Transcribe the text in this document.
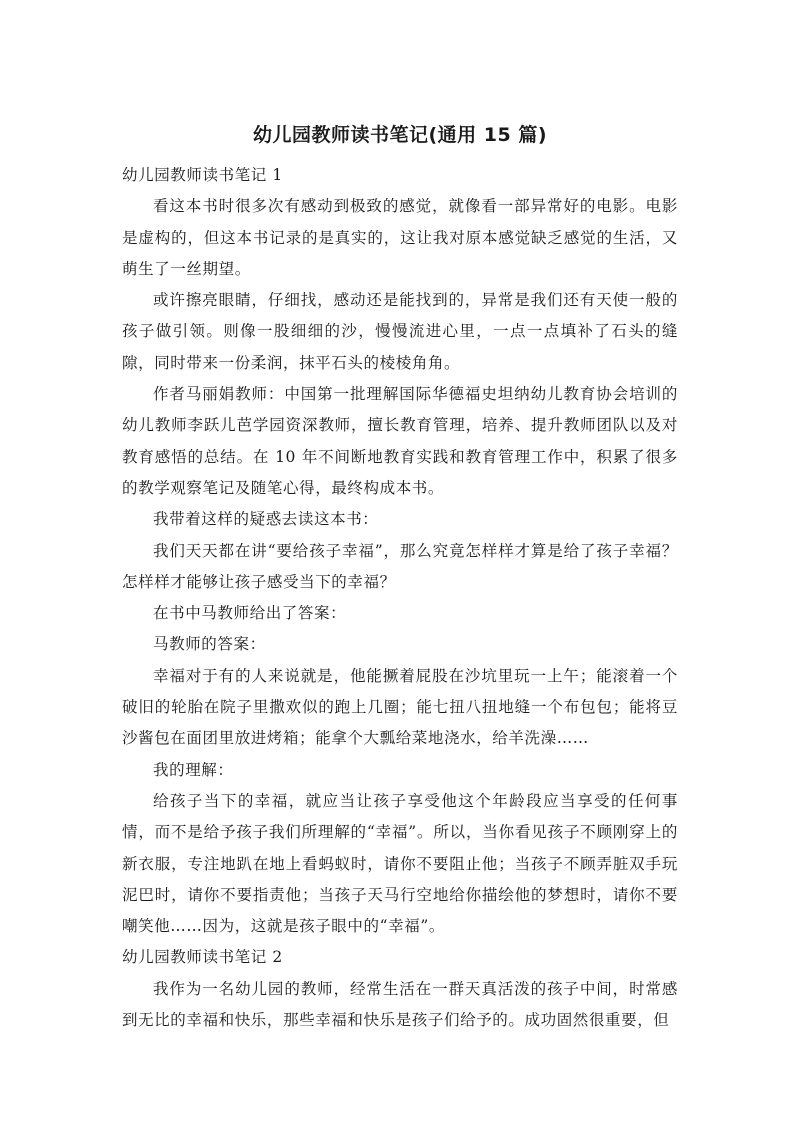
幼儿园教师读书笔记(通用 15 篇)

幼儿园教师读书笔记 1

看这本书时很多次有感动到极致的感觉，就像看一部异常好的电影。电影是虚构的，但这本书记录的是真实的，这让我对原本感觉缺乏感觉的生活，又萌生了一丝期望。

或许擦亮眼睛，仔细找，感动还是能找到的，异常是我们还有天使一般的孩子做引领。则像一股细细的沙，慢慢流进心里，一点一点填补了石头的缝隙，同时带来一份柔润，抹平石头的棱棱角角。

作者马丽娟教师：中国第一批理解国际华德福史坦纳幼儿教育协会培训的幼儿教师李跃儿芭学园资深教师，擅长教育管理，培养、提升教师团队以及对教育感悟的总结。在 10 年不间断地教育实践和教育管理工作中，积累了很多的教学观察笔记及随笔心得，最终构成本书。

我带着这样的疑惑去读这本书：

我们天天都在讲“要给孩子幸福”，那么究竟怎样样才算是给了孩子幸福？怎样样才能够让孩子感受当下的幸福？

在书中马教师给出了答案：

马教师的答案：

幸福对于有的人来说就是，他能撅着屁股在沙坑里玩一上午；能滚着一个破旧的轮胎在院子里撒欢似的跑上几圈；能七扭八扭地缝一个布包包；能将豆沙酱包在面团里放进烤箱；能拿个大瓢给菜地浇水，给羊洗澡……

我的理解：

给孩子当下的幸福，就应当让孩子享受他这个年龄段应当享受的任何事情，而不是给予孩子我们所理解的“幸福”。所以，当你看见孩子不顾刚穿上的新衣服，专注地趴在地上看蚂蚁时，请你不要阻止他；当孩子不顾弄脏双手玩泥巴时，请你不要指责他；当孩子天马行空地给你描绘他的梦想时，请你不要嘲笑他……因为，这就是孩子眼中的“幸福”。

幼儿园教师读书笔记 2

我作为一名幼儿园的教师，经常生活在一群天真活泼的孩子中间，时常感到无比的幸福和快乐，那些幸福和快乐是孩子们给予的。成功固然很重要，但
